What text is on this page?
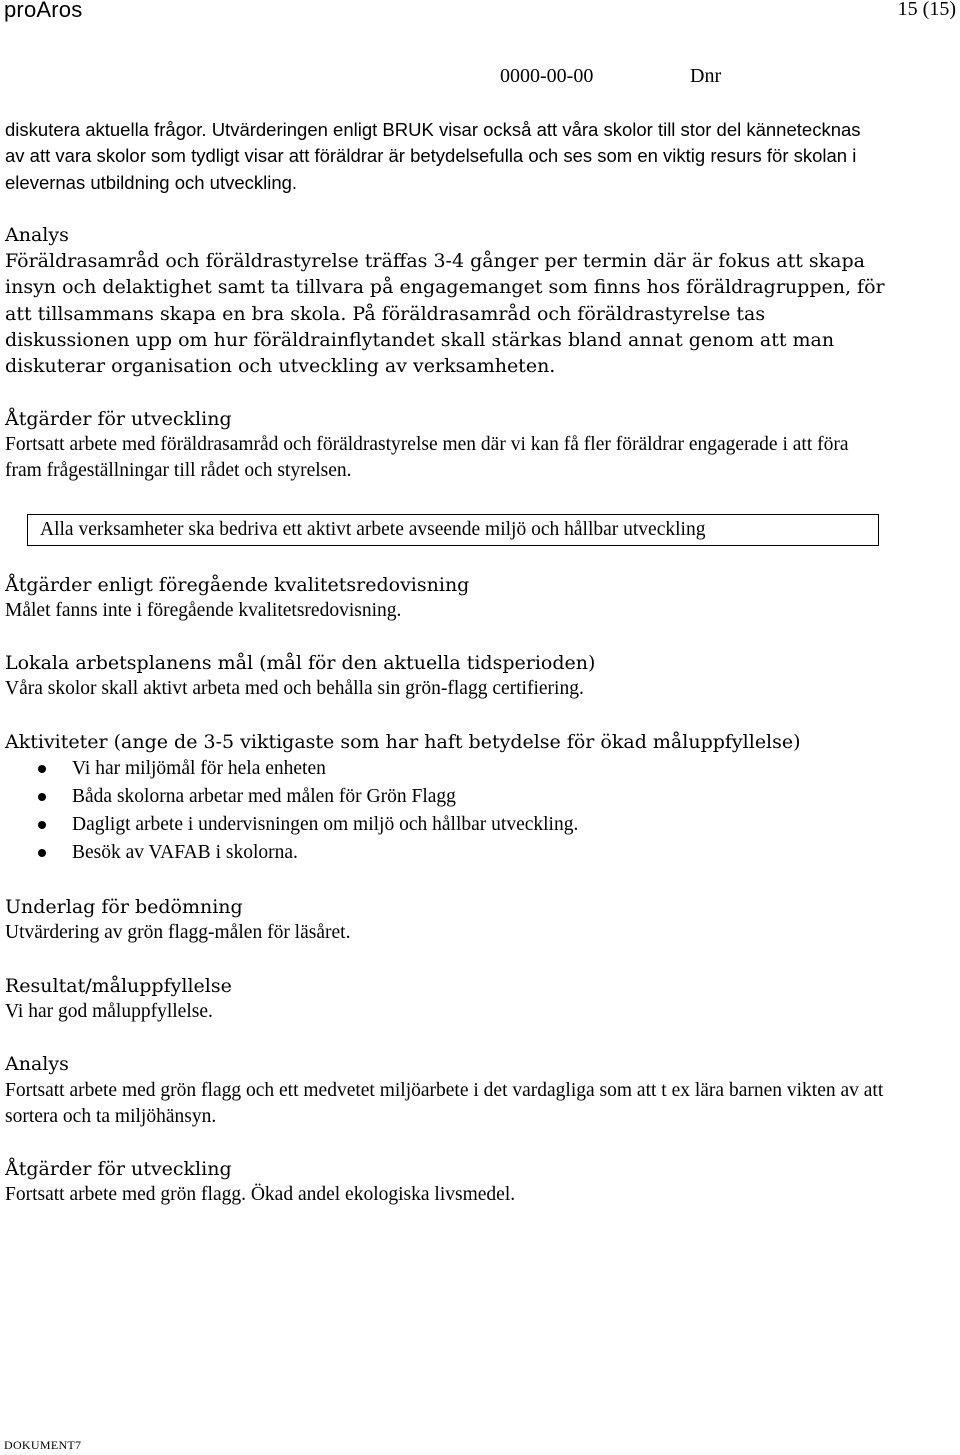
proAros	15 (15)
0000-00-00	Dnr

diskutera aktuella frågor. Utvärderingen enligt BRUK visar också att våra skolor till stor del kännetecknas av att vara skolor som tydligt visar att föräldrar är betydelsefulla och ses som en viktig resurs för skolan i elevernas utbildning och utveckling.

Analys

Föräldrasamråd och föräldrastyrelse träffas 3-4 gånger per termin där är fokus att skapa insyn och delaktighet samt ta tillvara på engagemanget som finns hos föräldragruppen, för att tillsammans skapa en bra skola. På föräldrasamråd och föräldrastyrelse tas diskussionen upp om hur föräldrainflytandet skall stärkas bland annat genom att man diskuterar organisation och utveckling av verksamheten.

Åtgärder för utveckling

Fortsatt arbete med föräldrasamråd och föräldrastyrelse men där vi kan få fler föräldrar engagerade i att föra fram frågeställningar till rådet och styrelsen.

Alla verksamheter ska bedriva ett aktivt arbete avseende miljö och hållbar utveckling

Åtgärder enligt föregående kvalitetsredovisning

Målet fanns inte i föregående kvalitetsredovisning.

Lokala arbetsplanens mål (mål för den aktuella tidsperioden)

Våra skolor skall aktivt arbeta med och behålla sin grön-flagg certifiering.

Aktiviteter (ange de 3-5 viktigaste som har haft betydelse för ökad måluppfyllelse)

Vi har miljömål för hela enheten
Båda skolorna arbetar med målen för Grön Flagg
Dagligt arbete i undervisningen om miljö och hållbar utveckling.
Besök av VAFAB i skolorna.

Underlag för bedömning

Utvärdering av grön flagg-målen för läsåret.

Resultat/måluppfyllelse

Vi har god måluppfyllelse.

Analys

Fortsatt arbete med grön flagg och ett medvetet miljöarbete i det vardagliga som att t ex lära barnen vikten av att sortera och ta miljöhänsyn.

Åtgärder för utveckling

Fortsatt arbete med grön flagg. Ökad andel ekologiska livsmedel.

DOKUMENT7
